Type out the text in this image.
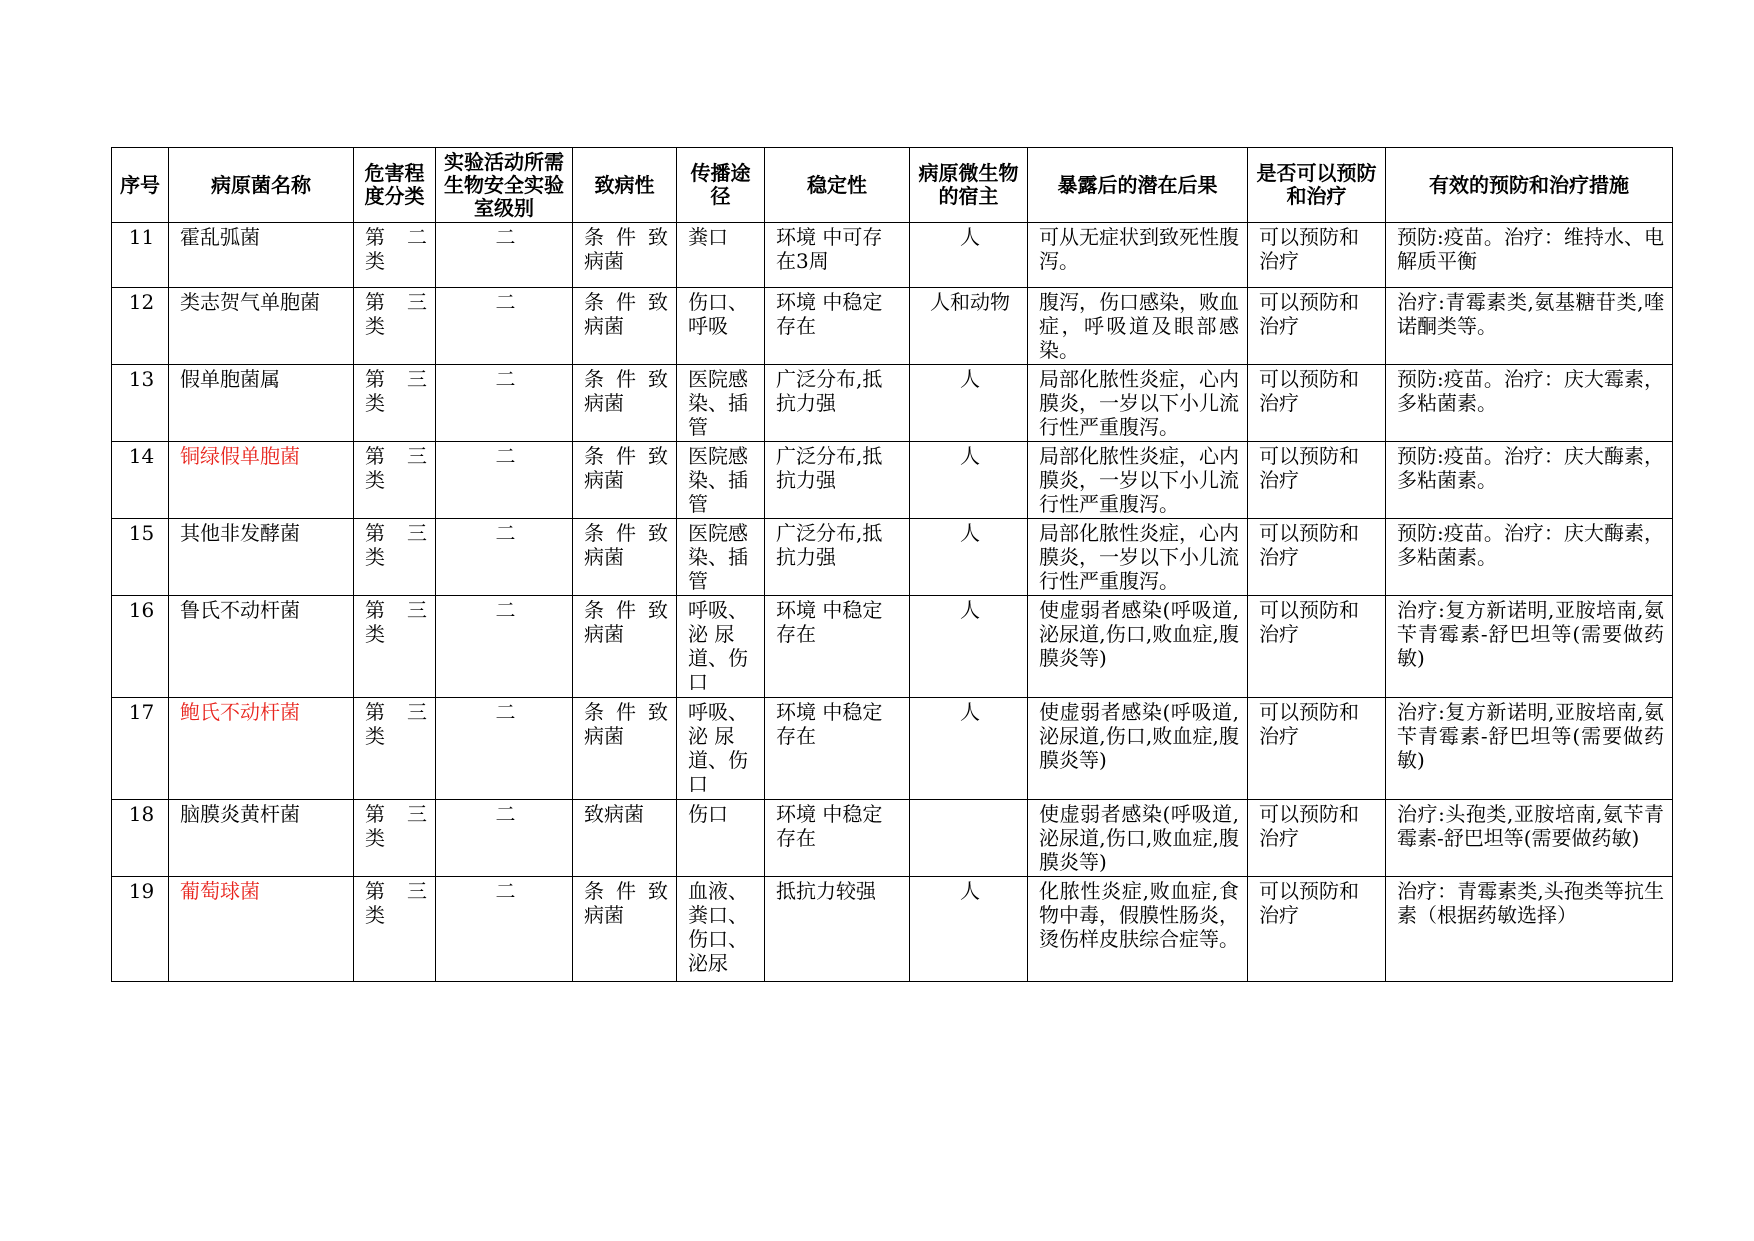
序号	病原菌名称	危害程度分类	实验活动所需生物安全实验室级别	致病性	传播途径	稳定性	病原微生物的宿主	暴露后的潜在后果	是否可以预防和治疗	有效的预防和治疗措施
11	霍乱弧菌	第 二 类	二	条 件 致 病菌	粪口	环境 中可存在3周	人	可从无症状到致死性腹泻。	可以预防和治疗	预防:疫苗。治疗：维持水、电解质平衡
12	类志贺气单胞菌	第 三 类	二	条 件 致 病菌	伤口、呼吸	环境 中稳定存在	人和动物	腹泻，伤口感染，败血症，呼吸道及眼部感染。	可以预防和治疗	治疗:青霉素类,氨基糖苷类,喹诺酮类等。
13	假单胞菌属	第 三 类	二	条 件 致 病菌	医院感染、插管	广泛分布,抵抗力强	人	局部化脓性炎症，心内膜炎，一岁以下小儿流行性严重腹泻。	可以预防和治疗	预防:疫苗。治疗：庆大霉素，多粘菌素。
14	铜绿假单胞菌	第 三 类	二	条 件 致 病菌	医院感染、插管	广泛分布,抵抗力强	人	局部化脓性炎症，心内膜炎，一岁以下小儿流行性严重腹泻。	可以预防和治疗	预防:疫苗。治疗：庆大酶素，多粘菌素。
15	其他非发酵菌	第 三 类	二	条 件 致 病菌	医院感染、插管	广泛分布,抵抗力强	人	局部化脓性炎症，心内膜炎，一岁以下小儿流行性严重腹泻。	可以预防和治疗	预防:疫苗。治疗：庆大酶素，多粘菌素。
16	鲁氏不动杆菌	第 三 类	二	条 件 致 病菌	呼吸、泌 尿道、伤口	环境 中稳定存在	人	使虚弱者感染(呼吸道,泌尿道,伤口,败血症,腹膜炎等)	可以预防和治疗	治疗:复方新诺明,亚胺培南,氨苄青霉素-舒巴坦等(需要做药敏)
17	鲍氏不动杆菌	第 三 类	二	条 件 致 病菌	呼吸、泌 尿道、伤口	环境 中稳定存在	人	使虚弱者感染(呼吸道,泌尿道,伤口,败血症,腹膜炎等)	可以预防和治疗	治疗:复方新诺明,亚胺培南,氨苄青霉素-舒巴坦等(需要做药敏)
18	脑膜炎黄杆菌	第 三 类	二	致病菌	伤口	环境 中稳定存在		使虚弱者感染(呼吸道,泌尿道,伤口,败血症,腹膜炎等)	可以预防和治疗	治疗:头孢类,亚胺培南,氨苄青霉素-舒巴坦等(需要做药敏)
19	葡萄球菌	第 三 类	二	条 件 致 病菌	血液、粪口、伤口、泌尿	抵抗力较强	人	化脓性炎症,败血症,食物中毒，假膜性肠炎，烫伤样皮肤综合症等。	可以预防和治疗	治疗：青霉素类,头孢类等抗生素（根据药敏选择）
